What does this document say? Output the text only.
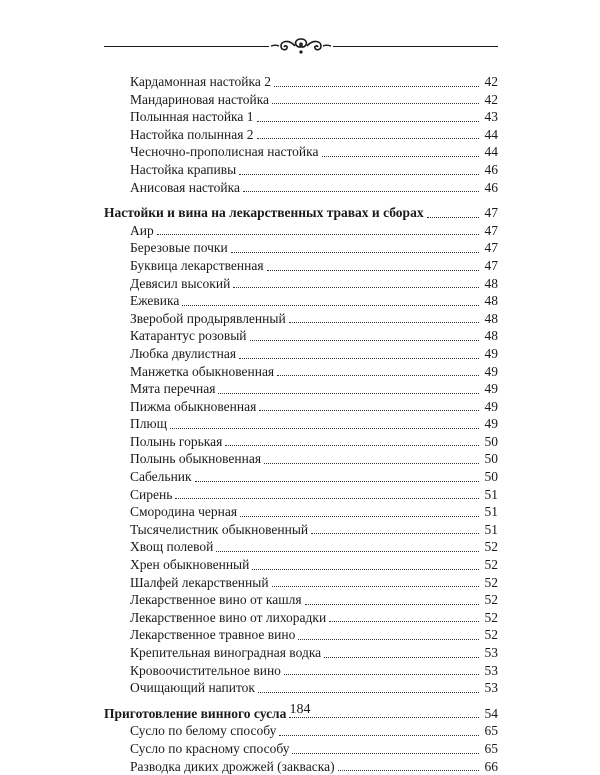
Кардамонная настойка 2	42
Мандариновая настойка	42
Полынная настойка 1	43
Настойка полынная 2	44
Чесночно-прополисная настойка	44
Настойка крапивы	46
Анисовая настойка	46
Настойки и вина на лекарственных травах и сборах	47
Аир	47
Березовые почки	47
Буквица лекарственная	47
Девясил высокий	48
Ежевика	48
Зверобой продырявленный	48
Катарантус розовый	48
Любка двулистная	49
Манжетка обыкновенная	49
Мята перечная	49
Пижма обыкновенная	49
Плющ	49
Полынь горькая	50
Полынь обыкновенная	50
Сабельник	50
Сирень	51
Смородина черная	51
Тысячелистник обыкновенный	51
Хвощ полевой	52
Хрен обыкновенный	52
Шалфей лекарственный	52
Лекарственное вино от кашля	52
Лекарственное вино от лихорадки	52
Лекарственное травное вино	52
Крепительная виноградная водка	53
Кровоочистительное вино	53
Очищающий напиток	53
Приготовление винного сусла	54
Сусло по белому способу	65
Сусло по красному способу	65
Разводка диких дрожжей (закваска)	66
184
